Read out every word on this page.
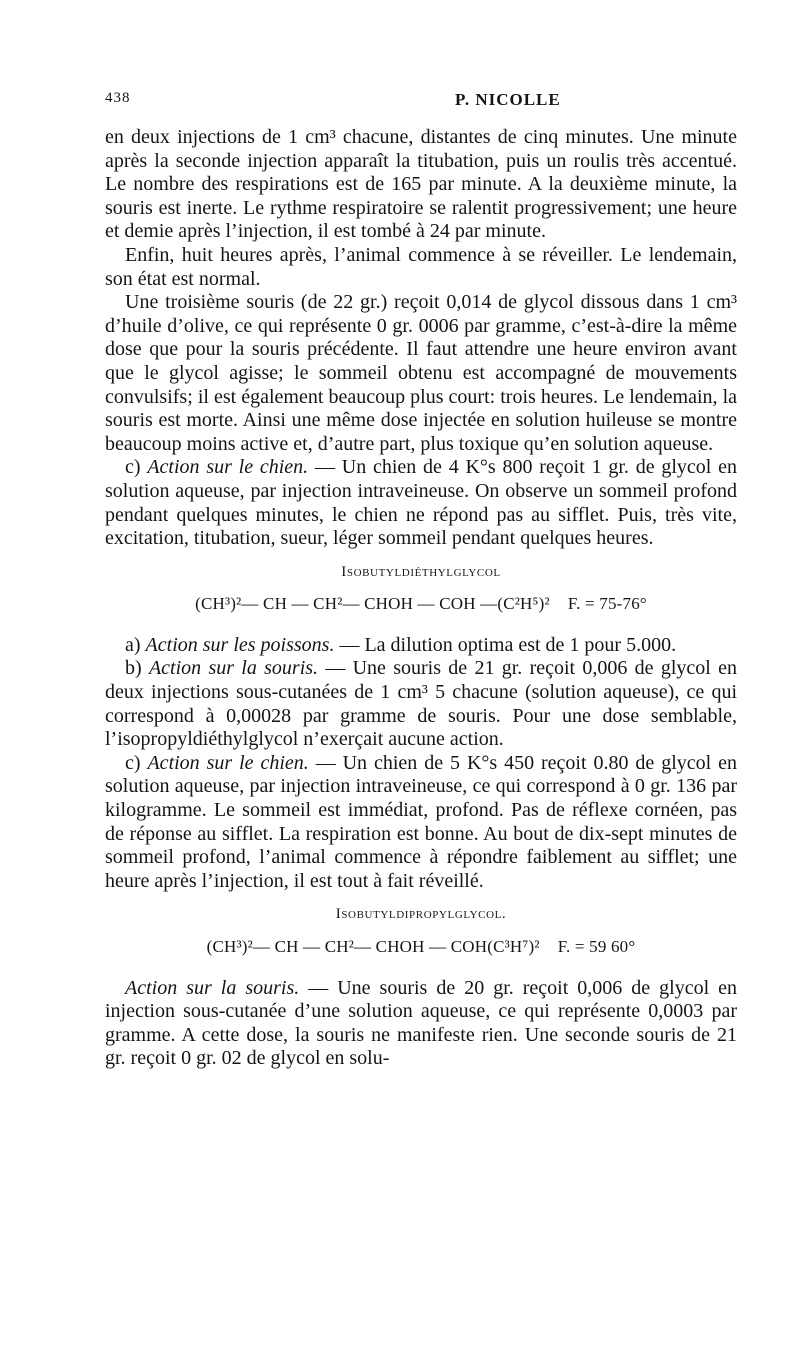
438	P. NICOLLE

en deux injections de 1 cm³ chacune, distantes de cinq minutes. Une minute après la seconde injection apparaît la titubation, puis un roulis très accentué. Le nombre des respirations est de 165 par minute. A la deuxième minute, la souris est inerte. Le rythme respiratoire se ralentit progressivement; une heure et demie après l’injection, il est tombé à 24 par minute.

Enfin, huit heures après, l’animal commence à se réveiller. Le lendemain, son état est normal.

Une troisième souris (de 22 gr.) reçoit 0,014 de glycol dissous dans 1 cm³ d’huile d’olive, ce qui représente 0 gr. 0006 par gramme, c’est-à-dire la même dose que pour la souris précédente. Il faut attendre une heure environ avant que le glycol agisse; le sommeil obtenu est accompagné de mouvements convulsifs; il est également beaucoup plus court: trois heures. Le lendemain, la souris est morte. Ainsi une même dose injectée en solution huileuse se montre beaucoup moins active et, d’autre part, plus toxique qu’en solution aqueuse.

c) Action sur le chien. — Un chien de 4 K°s 800 reçoit 1 gr. de glycol en solution aqueuse, par injection intraveineuse. On observe un sommeil profond pendant quelques minutes, le chien ne répond pas au sifflet. Puis, très vite, excitation, titubation, sueur, léger sommeil pendant quelques heures.

Isobutyldiéthylglycol
(CH³)²— CH — CH²— CHOH — COH —(C²H⁵)² F. = 75-76°

a) Action sur les poissons. — La dilution optima est de 1 pour 5.000.

b) Action sur la souris. — Une souris de 21 gr. reçoit 0,006 de glycol en deux injections sous-cutanées de 1 cm³ 5 chacune (solution aqueuse), ce qui correspond à 0,00028 par gramme de souris. Pour une dose semblable, l’isopropyldiéthylglycol n’exerçait aucune action.

c) Action sur le chien. — Un chien de 5 K°s 450 reçoit 0.80 de glycol en solution aqueuse, par injection intraveineuse, ce qui correspond à 0 gr. 136 par kilogramme. Le sommeil est immédiat, profond. Pas de réflexe cornéen, pas de réponse au sifflet. La respiration est bonne. Au bout de dix-sept minutes de sommeil profond, l’animal commence à répondre faiblement au sifflet; une heure après l’injection, il est tout à fait réveillé.

Isobutyldipropylglycol.
(CH³)²— CH — CH²— CHOH — COH(C³H⁷)² F. = 59 60°

Action sur la souris. — Une souris de 20 gr. reçoit 0,006 de glycol en injection sous-cutanée d’une solution aqueuse, ce qui représente 0,0003 par gramme. A cette dose, la souris ne manifeste rien. Une seconde souris de 21 gr. reçoit 0 gr. 02 de glycol en solu-
